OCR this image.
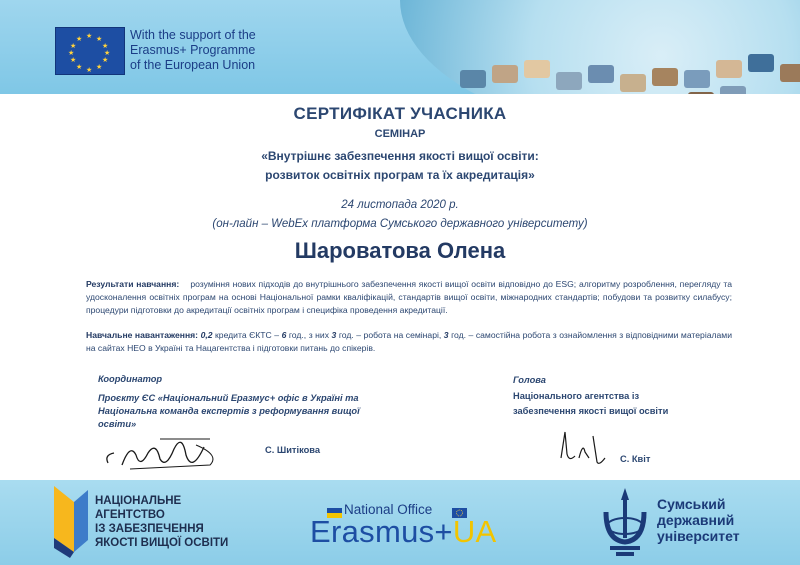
★ ★
★
★
★
★
★
★
★
★
★
★	With the support of the
Erasmus+ Programme
of the European Union
СЕРТИФІКАТ УЧАСНИКА
СЕМІНАР
«Внутрішнє забезпечення якості вищої освіти:
розвиток освітніх програм та їх акредитація»
24 листопада 2020 р.
(он-лайн – WebEx платформа Сумського державного університету)
Шароватова Олена
Результати навчання: розуміння нових підходів до внутрішнього забезпечення якості вищої освіти відповідно до ESG; алгоритму розроблення, перегляду та удосконалення освітніх програм на основі Національної рамки кваліфікацій, стандартів вищої освіти, міжнародних стандартів; побудови та розвитку силабусу; процедури підготовки до акредитації освітніх програм і специфіка проведення акредитації.
Навчальне навантаження: 0,2 кредита ЄКТС – 6 год., з них 3 год. – робота на семінарі, 3 год. – самостійна робота з ознайомлення з відповідними матеріалами на сайтах НЕО в Україні та Нацагентства і підготовки питань до спікерів.
Координатор
Проєкту ЄС «Національний Еразмус+ офіс в Україні та Національна команда експертів з реформування вищої освіти»
С. Шитікова
Голова
Національного агентства із
забезпечення якості вищої освіти
С. Квіт
НАЦІОНАЛЬНЕ
АГЕНТСТВО
ІЗ ЗАБЕЗПЕЧЕННЯ
ЯКОСТІ ВИЩОЇ ОСВІТИ
National Office
Erasmus+UA
Сумський
державний
університет
